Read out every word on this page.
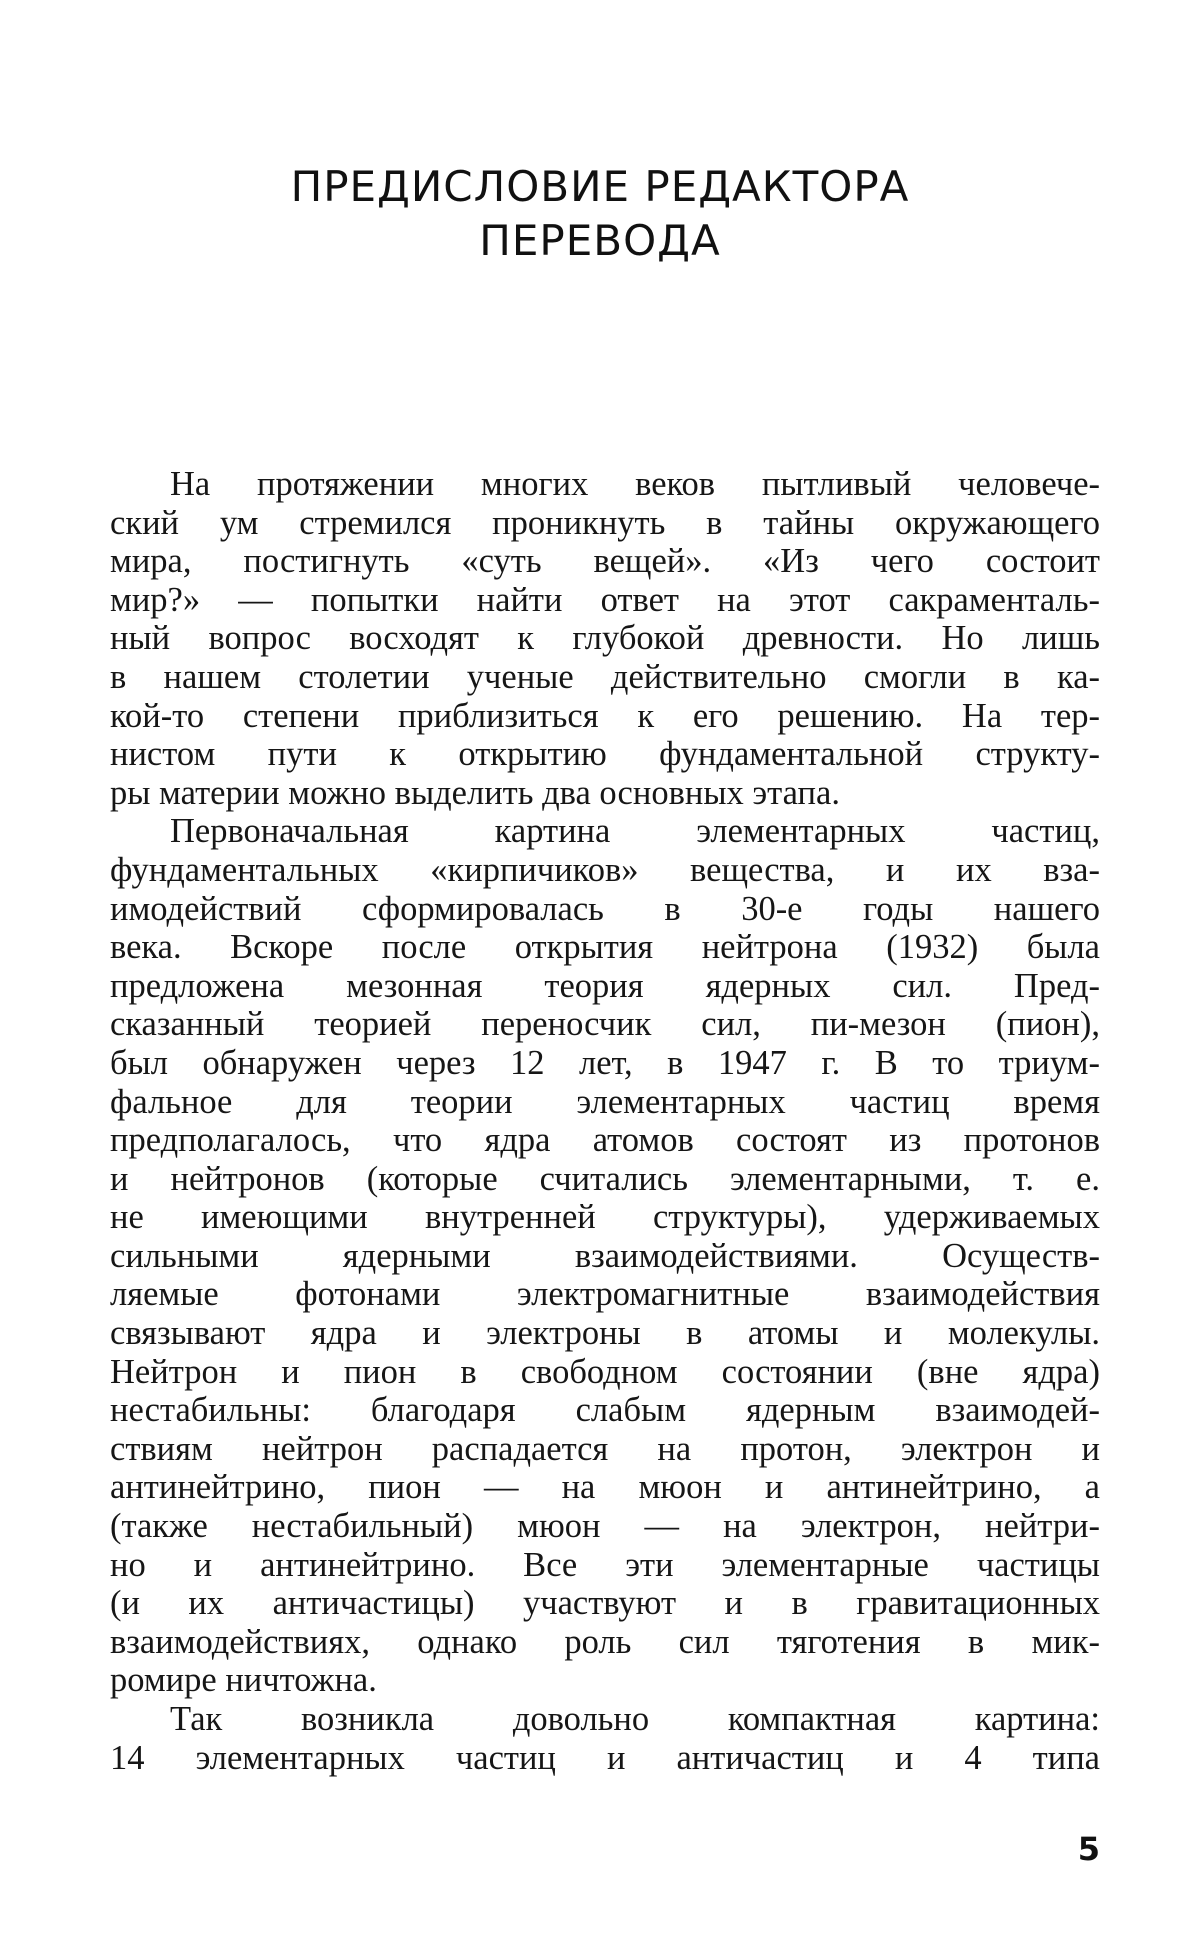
ПРЕДИСЛОВИЕ РЕДАКТОРА
ПЕРЕВОДА
На протяжении многих веков пытливый человече-
ский ум стремился проникнуть в тайны окружающего
мира, постигнуть «суть вещей». «Из чего состоит
мир?» — попытки найти ответ на этот сакраменталь-
ный вопрос восходят к глубокой древности. Но лишь
в нашем столетии ученые действительно смогли в ка-
кой-то степени приблизиться к его решению. На тер-
нистом пути к открытию фундаментальной структу-
ры материи можно выделить два основных этапа.
Первоначальная картина элементарных частиц,
фундаментальных «кирпичиков» вещества, и их вза-
имодействий сформировалась в 30-е годы нашего
века. Вскоре после открытия нейтрона (1932) была
предложена мезонная теория ядерных сил. Пред-
сказанный теорией переносчик сил, пи-мезон (пион),
был обнаружен через 12 лет, в 1947 г. В то триум-
фальное для теории элементарных частиц время
предполагалось, что ядра атомов состоят из протонов
и нейтронов (которые считались элементарными, т. е.
не имеющими внутренней структуры), удерживаемых
сильными ядерными взаимодействиями. Осуществ-
ляемые фотонами электромагнитные взаимодействия
связывают ядра и электроны в атомы и молекулы.
Нейтрон и пион в свободном состоянии (вне ядра)
нестабильны: благодаря слабым ядерным взаимодей-
ствиям нейтрон распадается на протон, электрон и
антинейтрино, пион — на мюон и антинейтрино, а
(также нестабильный) мюон — на электрон, нейтри-
но и антинейтрино. Все эти элементарные частицы
(и их античастицы) участвуют и в гравитационных
взаимодействиях, однако роль сил тяготения в мик-
ромире ничтожна.
Так возникла довольно компактная картина:
14 элементарных частиц и античастиц и 4 типа
5
